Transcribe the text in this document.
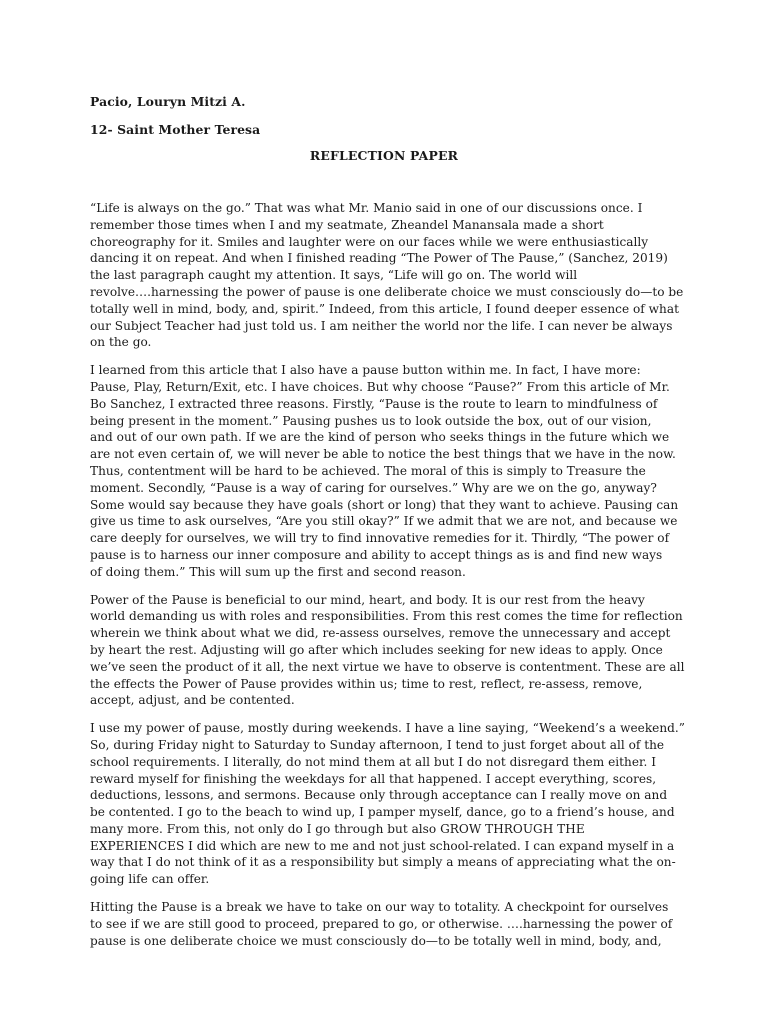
Pacio, Louryn Mitzi A.
12- Saint Mother Teresa
REFLECTION PAPER

“Life is always on the go.” That was what Mr. Manio said in one of our discussions once. I
remember those times when I and my seatmate, Zheandel Manansala made a short
choreography for it. Smiles and laughter were on our faces while we were enthusiastically
dancing it on repeat. And when I finished reading “The Power of The Pause,” (Sanchez, 2019)
the last paragraph caught my attention. It says, “Life will go on. The world will
revolve….harnessing the power of pause is one deliberate choice we must consciously do—to be
totally well in mind, body, and, spirit.” Indeed, from this article, I found deeper essence of what
our Subject Teacher had just told us. I am neither the world nor the life. I can never be always
on the go.

I learned from this article that I also have a pause button within me. In fact, I have more:
Pause, Play, Return/Exit, etc. I have choices. But why choose “Pause?” From this article of Mr.
Bo Sanchez, I extracted three reasons. Firstly, “Pause is the route to learn to mindfulness of
being present in the moment.” Pausing pushes us to look outside the box, out of our vision,
and out of our own path. If we are the kind of person who seeks things in the future which we
are not even certain of, we will never be able to notice the best things that we have in the now.
Thus, contentment will be hard to be achieved. The moral of this is simply to Treasure the
moment. Secondly, “Pause is a way of caring for ourselves.” Why are we on the go, anyway?
Some would say because they have goals (short or long) that they want to achieve. Pausing can
give us time to ask ourselves, “Are you still okay?” If we admit that we are not, and because we
care deeply for ourselves, we will try to find innovative remedies for it. Thirdly, “The power of
pause is to harness our inner composure and ability to accept things as is and find new ways
of doing them.” This will sum up the first and second reason.

Power of the Pause is beneficial to our mind, heart, and body. It is our rest from the heavy
world demanding us with roles and responsibilities. From this rest comes the time for reflection
wherein we think about what we did, re-assess ourselves, remove the unnecessary and accept
by heart the rest. Adjusting will go after which includes seeking for new ideas to apply. Once
we’ve seen the product of it all, the next virtue we have to observe is contentment. These are all
the effects the Power of Pause provides within us; time to rest, reflect, re-assess, remove,
accept, adjust, and be contented.

I use my power of pause, mostly during weekends. I have a line saying, “Weekend’s a weekend.”
So, during Friday night to Saturday to Sunday afternoon, I tend to just forget about all of the
school requirements. I literally, do not mind them at all but I do not disregard them either. I
reward myself for finishing the weekdays for all that happened. I accept everything, scores,
deductions, lessons, and sermons. Because only through acceptance can I really move on and
be contented. I go to the beach to wind up, I pamper myself, dance, go to a friend’s house, and
many more. From this, not only do I go through but also GROW THROUGH THE
EXPERIENCES I did which are new to me and not just school-related. I can expand myself in a
way that I do not think of it as a responsibility but simply a means of appreciating what the on-
going life can offer.

Hitting the Pause is a break we have to take on our way to totality. A checkpoint for ourselves
to see if we are still good to proceed, prepared to go, or otherwise. ….harnessing the power of
pause is one deliberate choice we must consciously do—to be totally well in mind, body, and,
